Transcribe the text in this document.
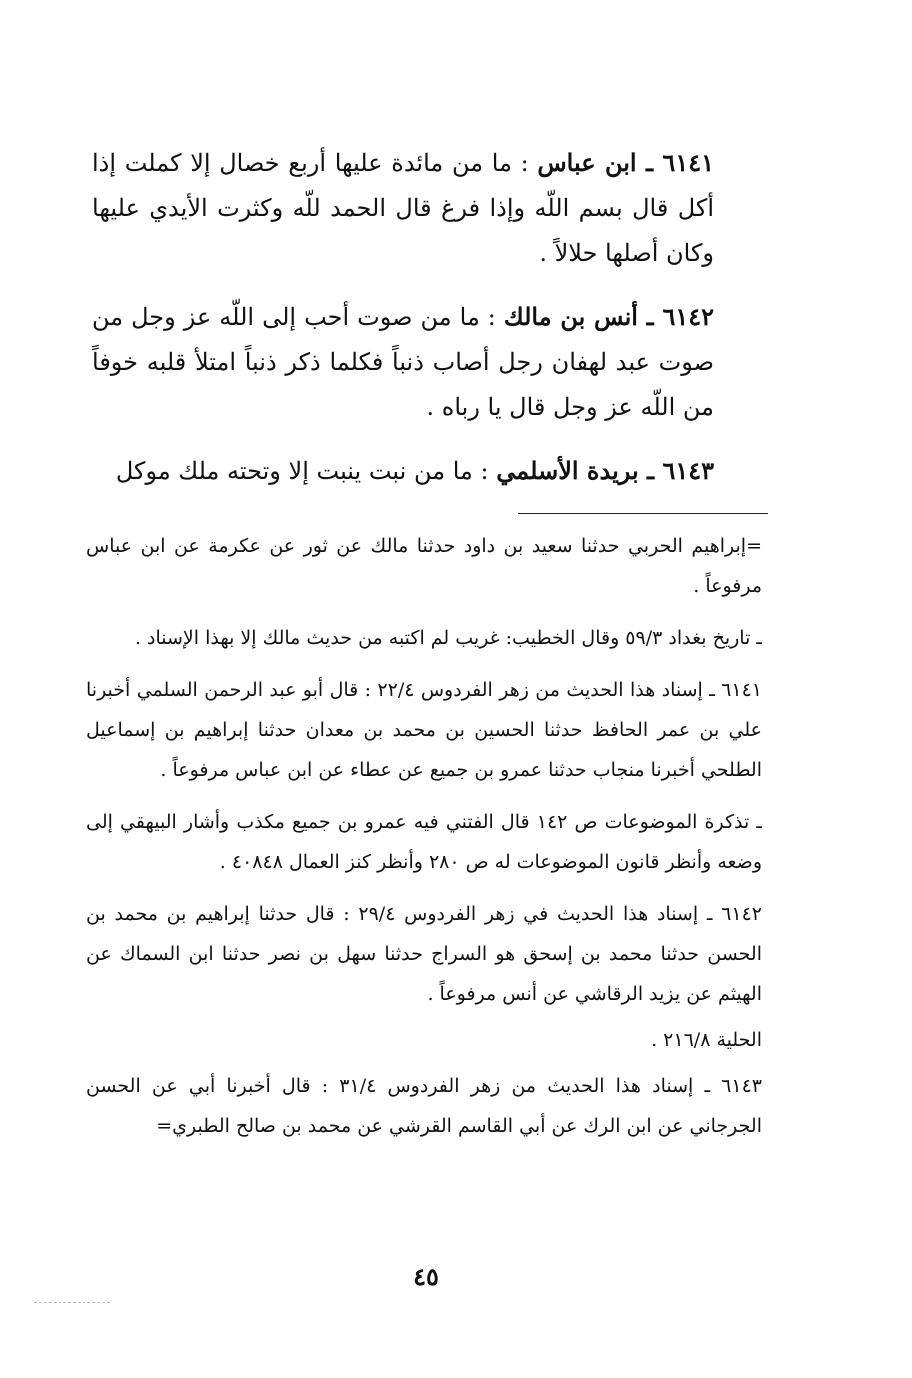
٦١٤١ ـ ابن عباس : ما من مائدة عليها أربع خصال إلا كملت إذا أكل قال بسم اللّه وإذا فرغ قال الحمد للّه وكثرت الأيدي عليها وكان أصلها حلالاً .

٦١٤٢ ـ أنس بن مالك : ما من صوت أحب إلى اللّه عز وجل من صوت عبد لهفان رجل أصاب ذنباً فكلما ذكر ذنباً امتلأ قلبه خوفاً من اللّه عز وجل قال يا رباه .

٦١٤٣ ـ بريدة الأسلمي : ما من نبت ينبت إلا وتحته ملك موكل

=إبراهيم الحربي حدثنا سعيد بن داود حدثنا مالك عن ثور عن عكرمة عن ابن عباس مرفوعاً .

ـ تاريخ بغداد ٥٩/٣ وقال الخطيب: غريب لم اكتبه من حديث مالك إلا بهذا الإسناد .

٦١٤١ ـ إسناد هذا الحديث من زهر الفردوس ٢٢/٤ : قال أبو عبد الرحمن السلمي أخبرنا علي بن عمر الحافظ حدثنا الحسين بن محمد بن معدان حدثنا إبراهيم بن إسماعيل الطلحي أخبرنا منجاب حدثنا عمرو بن جميع عن عطاء عن ابن عباس مرفوعاً .

ـ تذكرة الموضوعات ص ١٤٢ قال الفتني فيه عمرو بن جميع مكذب وأشار البيهقي إلى وضعه وأنظر قانون الموضوعات له ص ٢٨٠ وأنظر كنز العمال ٤٠٨٤٨ .

٦١٤٢ ـ إسناد هذا الحديث في زهر الفردوس ٢٩/٤ : قال حدثنا إبراهيم بن محمد بن الحسن حدثنا محمد بن إسحق هو السراج حدثنا سهل بن نصر حدثنا ابن السماك عن الهيثم عن يزيد الرقاشي عن أنس مرفوعاً .

الحلية ٢١٦/٨ .

٦١٤٣ ـ إسناد هذا الحديث من زهر الفردوس ٣١/٤ : قال أخبرنا أبي عن الحسن الجرجاني عن ابن الرك عن أبي القاسم القرشي عن محمد بن صالح الطبري=

٤٥
